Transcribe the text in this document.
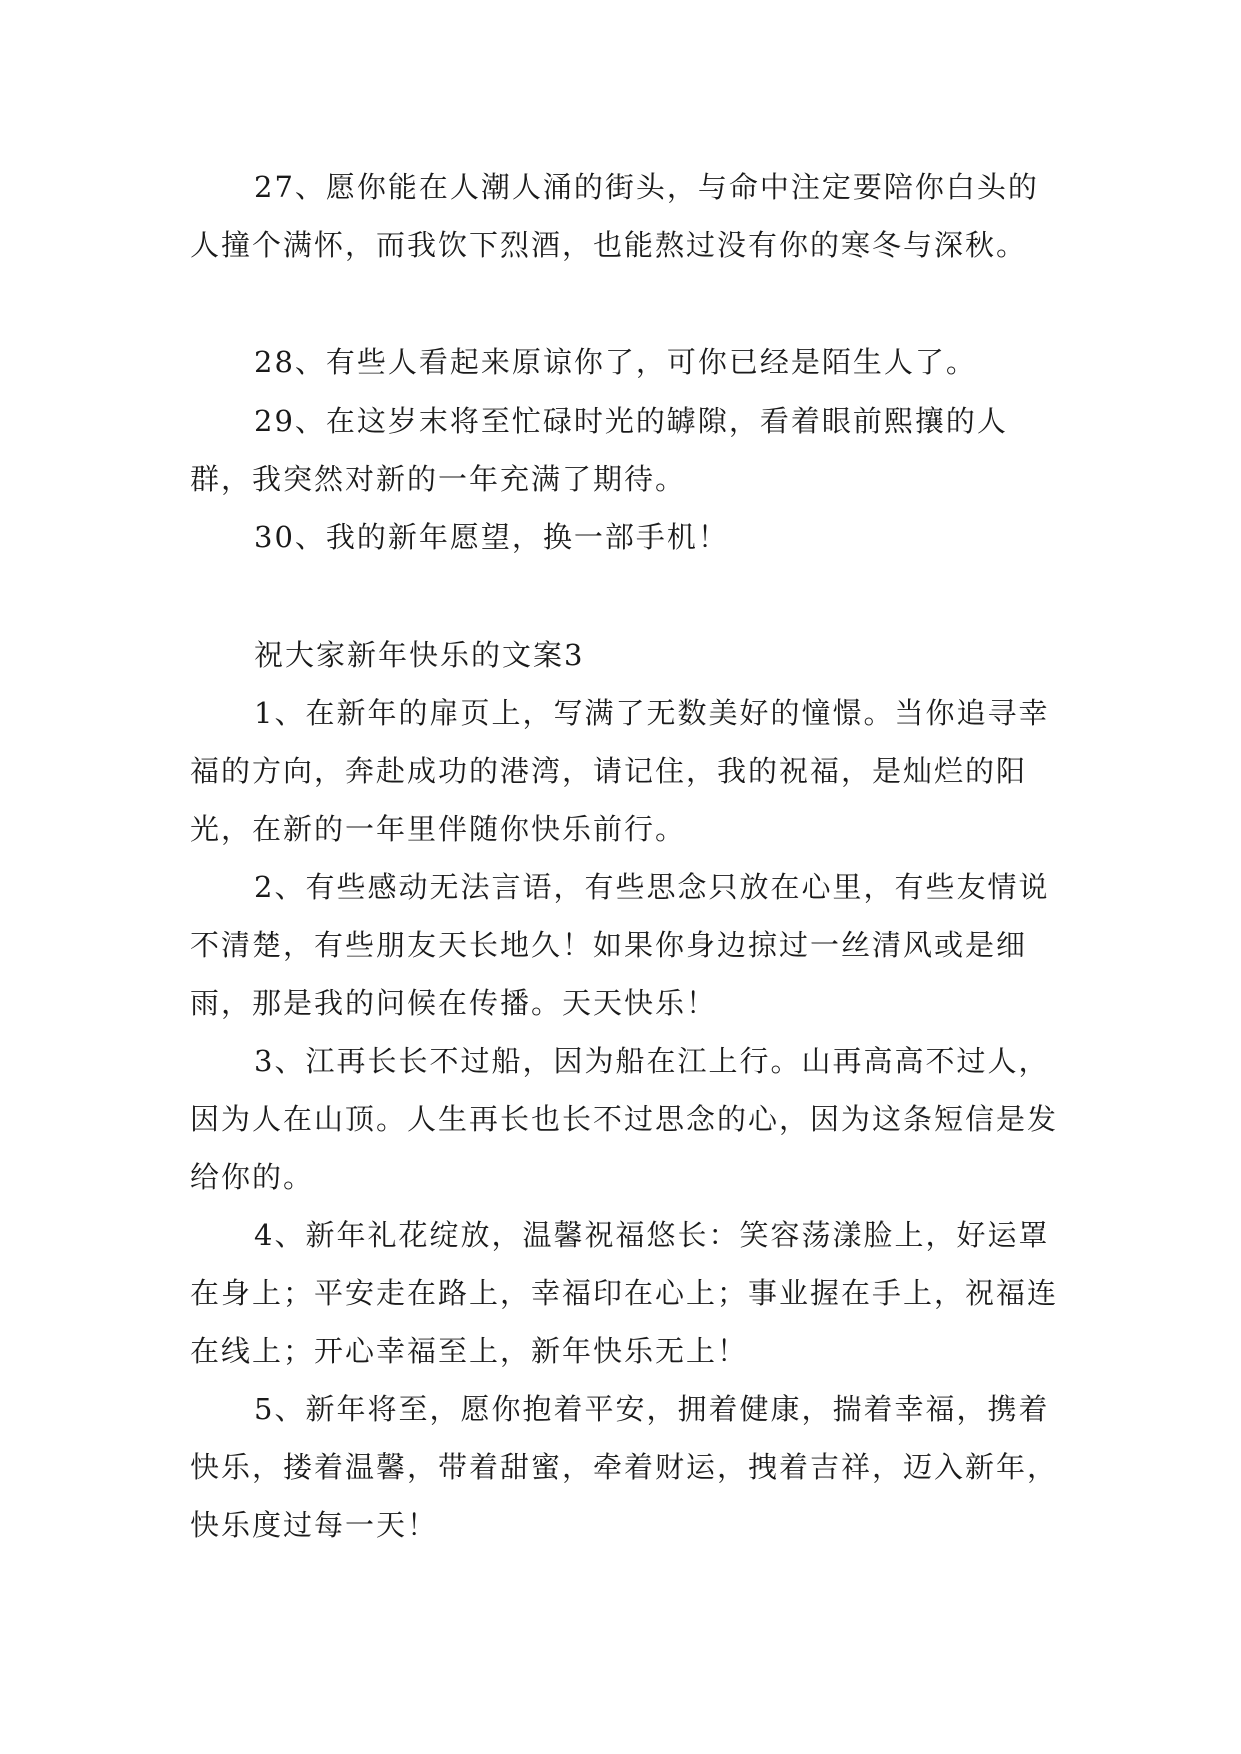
27、愿你能在人潮人涌的街头，与命中注定要陪你白头的人撞个满怀，而我饮下烈酒，也能熬过没有你的寒冬与深秋。

28、有些人看起来原谅你了，可你已经是陌生人了。

29、在这岁末将至忙碌时光的罅隙，看着眼前熙攘的人群，我突然对新的一年充满了期待。

30、我的新年愿望，换一部手机！

祝大家新年快乐的文案3

1、在新年的扉页上，写满了无数美好的憧憬。当你追寻幸福的方向，奔赴成功的港湾，请记住，我的祝福，是灿烂的阳光，在新的一年里伴随你快乐前行。

2、有些感动无法言语，有些思念只放在心里，有些友情说不清楚，有些朋友天长地久！如果你身边掠过一丝清风或是细雨，那是我的问候在传播。天天快乐！

3、江再长长不过船，因为船在江上行。山再高高不过人，因为人在山顶。人生再长也长不过思念的心，因为这条短信是发给你的。

4、新年礼花绽放，温馨祝福悠长：笑容荡漾脸上，好运罩在身上；平安走在路上，幸福印在心上；事业握在手上，祝福连在线上；开心幸福至上，新年快乐无上！

5、新年将至，愿你抱着平安，拥着健康，揣着幸福，携着快乐，搂着温馨，带着甜蜜，牵着财运，拽着吉祥，迈入新年，快乐度过每一天！
